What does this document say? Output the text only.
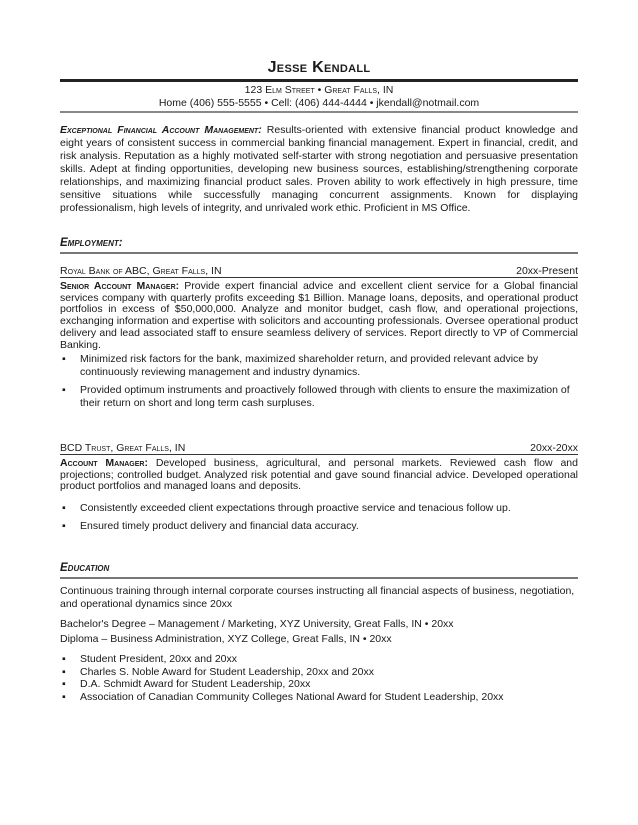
Jesse Kendall
123 Elm Street • Great Falls, IN
Home (406) 555-5555 • Cell: (406) 444-4444 • jkendall@notmail.com
Exceptional Financial Account Management: Results-oriented with extensive financial product knowledge and eight years of consistent success in commercial banking financial management. Expert in financial, credit, and risk analysis. Reputation as a highly motivated self-starter with strong negotiation and persuasive presentation skills. Adept at finding opportunities, developing new business sources, establishing/strengthening corporate relationships, and maximizing financial product sales. Proven ability to work effectively in high pressure, time sensitive situations while successfully managing concurrent assignments. Known for displaying professionalism, high levels of integrity, and unrivaled work ethic. Proficient in MS Office.
Employment:
Royal Bank of ABC, Great Falls, IN	20xx-Present
Senior Account Manager: Provide expert financial advice and excellent client service for a Global financial services company with quarterly profits exceeding $1 Billion. Manage loans, deposits, and operational product portfolios in excess of $50,000,000. Analyze and monitor budget, cash flow, and operational projections, exchanging information and expertise with solicitors and accounting professionals. Oversee operational product delivery and lead associated staff to ensure seamless delivery of services. Report directly to VP of Commercial Banking.
▪ Minimized risk factors for the bank, maximized shareholder return, and provided relevant advice by continuously reviewing management and industry dynamics.
▪ Provided optimum instruments and proactively followed through with clients to ensure the maximization of their return on short and long term cash surpluses.
BCD Trust, Great Falls, IN	20xx-20xx
Account Manager: Developed business, agricultural, and personal markets. Reviewed cash flow and projections; controlled budget. Analyzed risk potential and gave sound financial advice. Developed operational product portfolios and managed loans and deposits.
▪ Consistently exceeded client expectations through proactive service and tenacious follow up.
▪ Ensured timely product delivery and financial data accuracy.
Education
Continuous training through internal corporate courses instructing all financial aspects of business, negotiation, and operational dynamics since 20xx
Bachelor's Degree – Management / Marketing, XYZ University, Great Falls, IN • 20xx
Diploma – Business Administration, XYZ College, Great Falls, IN • 20xx
▪ Student President, 20xx and 20xx
▪ Charles S. Noble Award for Student Leadership, 20xx and 20xx
▪ D.A. Schmidt Award for Student Leadership, 20xx
▪ Association of Canadian Community Colleges National Award for Student Leadership, 20xx
